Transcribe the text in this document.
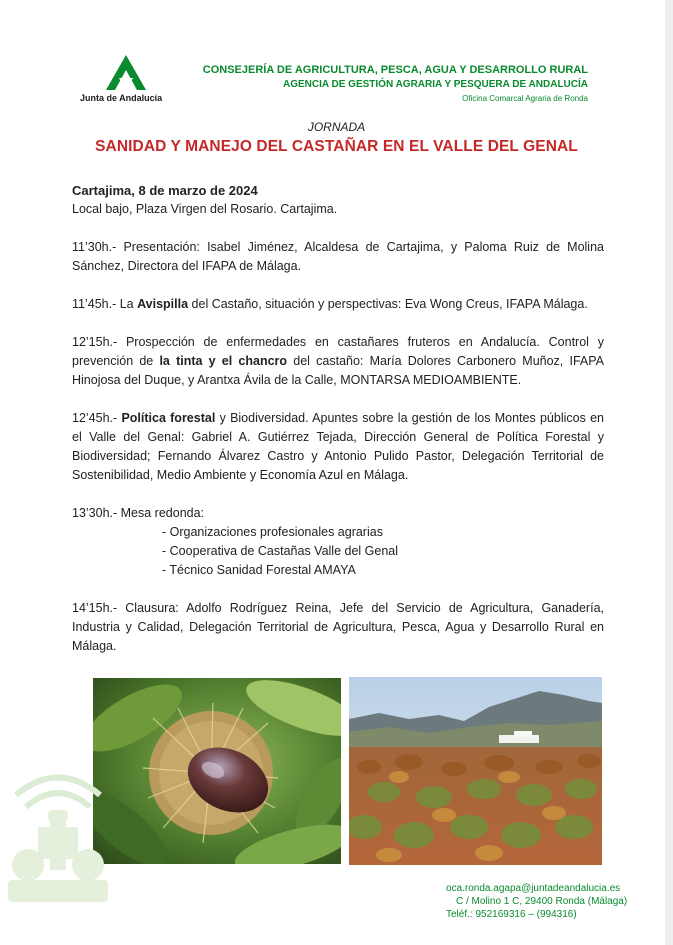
Junta de Andalucía
CONSEJERÍA DE AGRICULTURA, PESCA, AGUA Y DESARROLLO RURAL
AGENCIA DE GESTIÓN AGRARIA Y PESQUERA DE ANDALUCÍA
Oficina Comarcal Agraria de Ronda
JORNADA
SANIDAD Y MANEJO DEL CASTAÑAR EN EL VALLE DEL GENAL

Cartajima, 8 de marzo de 2024

Local bajo, Plaza Virgen del Rosario. Cartajima.

11’30h.- Presentación: Isabel Jiménez, Alcaldesa de Cartajima, y Paloma Ruiz de Molina Sánchez, Directora del IFAPA de Málaga.

11’45h.- La Avispilla del Castaño, situación y perspectivas: Eva Wong Creus, IFAPA Málaga.

12’15h.- Prospección de enfermedades en castañares fruteros en Andalucía. Control y prevención de la tinta y el chancro del castaño: María Dolores Carbonero Muñoz, IFAPA Hinojosa del Duque, y Arantxa Ávila de la Calle, MONTARSA MEDIOAMBIENTE.

12’45h.- Política forestal y Biodiversidad. Apuntes sobre la gestión de los Montes públicos en el Valle del Genal: Gabriel A. Gutiérrez Tejada, Dirección General de Política Forestal y Biodiversidad; Fernando Álvarez Castro y Antonio Pulido Pastor, Delegación Territorial de Sostenibilidad, Medio Ambiente y Economía Azul en Málaga.

13’30h.- Mesa redonda:

- Organizaciones profesionales agrarias

- Cooperativa de Castañas Valle del Genal

- Técnico Sanidad Forestal AMAYA

14’15h.- Clausura: Adolfo Rodríguez Reina, Jefe del Servicio de Agricultura, Ganadería, Industria y Calidad, Delegación Territorial de Agricultura, Pesca, Agua y Desarrollo Rural en Málaga.

oca.ronda.agapa@juntadeandalucia.es
C / Molino 1 C, 29400 Ronda (Málaga)
Teléf.: 952169316 – (994316)
